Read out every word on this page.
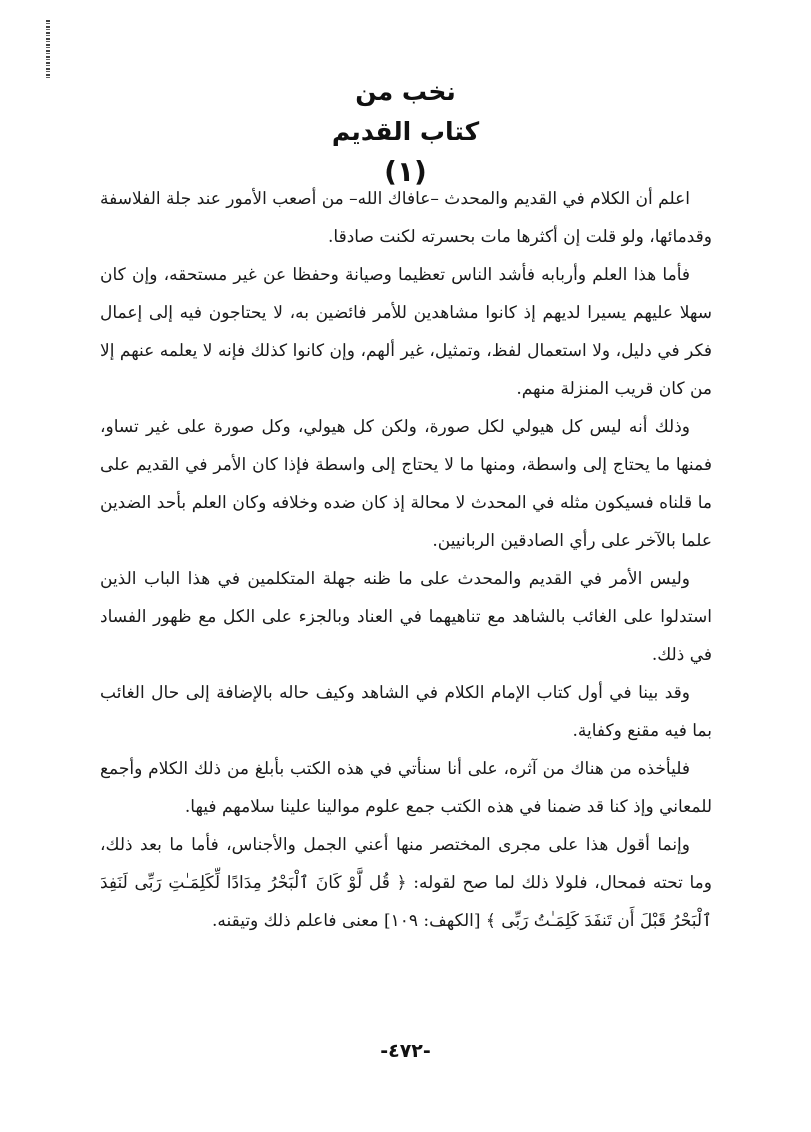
نخب من
كتاب القديم
(١)

اعلم أن الكلام في القديم والمحدث –عافاك الله– من أصعب الأمور عند جلة الفلاسفة وقدمائها، ولو قلت إن أكثرها مات بحسرته لكنت صادقا.

فأما هذا العلم وأربابه فأشد الناس تعظيما وصيانة وحفظا عن غير مستحقه، وإن كان سهلا عليهم يسيرا لديهم إذ كانوا مشاهدين للأمر فائضين به، لا يحتاجون فيه إلى إعمال فكر في دليل، ولا استعمال لفظ، وتمثيل، غير ألهم، وإن كانوا كذلك فإنه لا يعلمه عنهم إلا من كان قريب المنزلة منهم.

وذلك أنه ليس كل هيولي لكل صورة، ولكن كل هيولي، وكل صورة على غير تساو، فمنها ما يحتاج إلى واسطة، ومنها ما لا يحتاج إلى واسطة فإذا كان الأمر في القديم على ما قلناه فسيكون مثله في المحدث لا محالة إذ كان ضده وخلافه وكان العلم بأحد الضدين علما بالآخر على رأي الصادقين الربانيين.

وليس الأمر في القديم والمحدث على ما ظنه جهلة المتكلمين في هذا الباب الذين استدلوا على الغائب بالشاهد مع تناهيهما في العناد وبالجزء على الكل مع ظهور الفساد في ذلك.

وقد بينا في أول كتاب الإمام الكلام في الشاهد وكيف حاله بالإضافة إلى حال الغائب بما فيه مقنع وكفاية.

فليأخذه من هناك من آثره، على أنا سنأتي في هذه الكتب بأبلغ من ذلك الكلام وأجمع للمعاني وإذ كنا قد ضمنا في هذه الكتب جمع علوم موالينا علينا سلامهم فيها.

وإنما أقول هذا على مجرى المختصر منها أعني الجمل والأجناس، فأما ما بعد ذلك، وما تحته فمحال، فلولا ذلك لما صح لقوله: ﴿ قُل لَّوْ كَانَ ٱلْبَحْرُ مِدَادًا لِّكَلِمَـٰتِ رَبِّى لَنَفِدَ ٱلْبَحْرُ قَبْلَ أَن تَنفَدَ كَلِمَـٰتُ رَبِّى ﴾ [الكهف: ١٠٩] معنى فاعلم ذلك وتيقنه.

-٤٧٢-
